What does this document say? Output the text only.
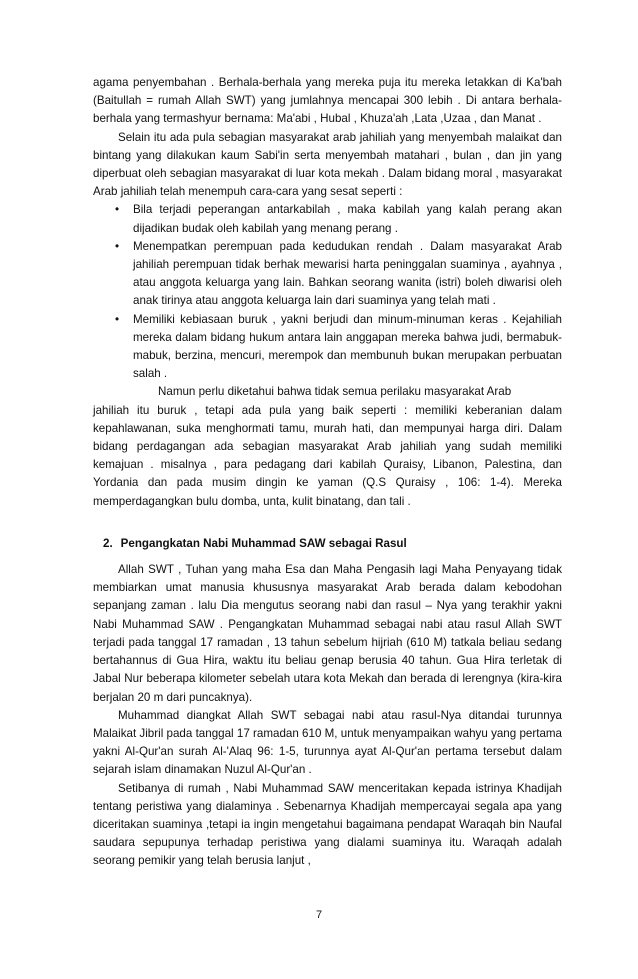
agama penyembahan . Berhala-berhala yang mereka puja itu mereka letakkan di Ka'bah (Baitullah = rumah Allah SWT) yang jumlahnya mencapai 300 lebih . Di antara berhala-berhala yang termashyur bernama: Ma'abi , Hubal , Khuza'ah ,Lata ,Uzaa , dan Manat .

Selain itu ada pula sebagian masyarakat arab jahiliah yang menyembah malaikat dan bintang yang dilakukan kaum Sabi'in serta menyembah matahari , bulan , dan jin yang diperbuat oleh sebagian masyarakat di luar kota mekah . Dalam bidang moral , masyarakat Arab jahiliah telah menempuh cara-cara yang sesat seperti :

• Bila terjadi peperangan antarkabilah , maka kabilah yang kalah perang akan dijadikan budak oleh kabilah yang menang perang .
• Menempatkan perempuan pada kedudukan rendah . Dalam masyarakat Arab jahiliah perempuan tidak berhak mewarisi harta peninggalan suaminya , ayahnya , atau anggota keluarga yang lain. Bahkan seorang wanita (istri) boleh diwarisi oleh anak tirinya atau anggota keluarga lain dari suaminya yang telah mati .
• Memiliki kebiasaan buruk , yakni berjudi dan minum-minuman keras . Kejahiliah mereka dalam bidang hukum antara lain anggapan mereka bahwa judi, bermabuk-mabuk, berzina, mencuri, merempok dan membunuh bukan merupakan perbuatan salah .

Namun perlu diketahui bahwa tidak semua perilaku masyarakat Arab

jahiliah itu buruk , tetapi ada pula yang baik seperti : memiliki keberanian dalam kepahlawanan, suka menghormati tamu, murah hati, dan mempunyai harga diri. Dalam bidang perdagangan ada sebagian masyarakat Arab jahiliah yang sudah memiliki kemajuan . misalnya , para pedagang dari kabilah Quraisy, Libanon, Palestina, dan Yordania dan pada musim dingin ke yaman (Q.S Quraisy , 106: 1-4). Mereka memperdagangkan bulu domba, unta, kulit binatang, dan tali .

2. Pengangkatan Nabi Muhammad SAW sebagai Rasul

Allah SWT , Tuhan yang maha Esa dan Maha Pengasih lagi Maha Penyayang tidak membiarkan umat manusia khususnya masyarakat Arab berada dalam kebodohan sepanjang zaman . lalu Dia mengutus seorang nabi dan rasul – Nya yang terakhir yakni Nabi Muhammad SAW . Pengangkatan Muhammad sebagai nabi atau rasul Allah SWT terjadi pada tanggal 17 ramadan , 13 tahun sebelum hijriah (610 M) tatkala beliau sedang bertahannus di Gua Hira, waktu itu beliau genap berusia 40 tahun. Gua Hira terletak di Jabal Nur beberapa kilometer sebelah utara kota Mekah dan berada di lerengnya (kira-kira berjalan 20 m dari puncaknya).

Muhammad diangkat Allah SWT sebagai nabi atau rasul-Nya ditandai turunnya Malaikat Jibril pada tanggal 17 ramadan 610 M, untuk menyampaikan wahyu yang pertama yakni Al-Qur'an surah Al-'Alaq 96: 1-5, turunnya ayat Al-Qur'an pertama tersebut dalam sejarah islam dinamakan Nuzul Al-Qur'an .

Setibanya di rumah , Nabi Muhammad SAW menceritakan kepada istrinya Khadijah tentang peristiwa yang dialaminya . Sebenarnya Khadijah mempercayai segala apa yang diceritakan suaminya ,tetapi ia ingin mengetahui bagaimana pendapat Waraqah bin Naufal saudara sepupunya terhadap peristiwa yang dialami suaminya itu. Waraqah adalah seorang pemikir yang telah berusia lanjut ,

7
